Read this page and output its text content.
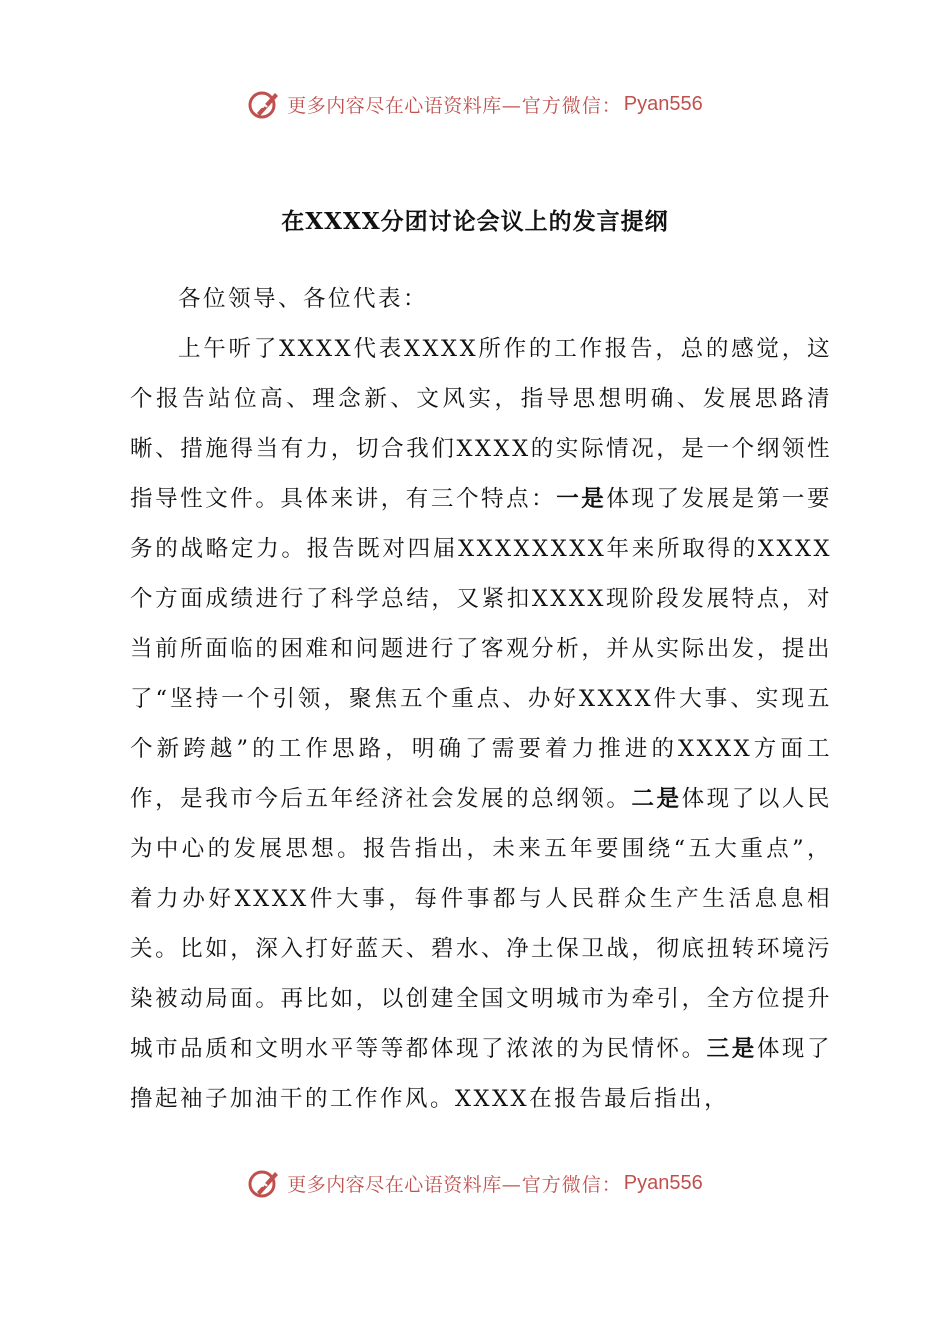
更多内容尽在心语资料库 —官方微信： Pyan556
在XXXX分团讨论会议上的发言提纲
各位领导、各位代表：

上午听了XXXX代表XXXX所作的工作报告，总的感觉，这个报告站位高、理念新、文风实，指导思想明确、发展思路清晰、措施得当有力，切合我们XXXX的实际情况，是一个纲领性指导性文件。具体来讲，有三个特点：一是体现了发展是第一要务的战略定力。报告既对四届XXXXXXXX年来所取得的XXXX个方面成绩进行了科学总结，又紧扣XXXX现阶段发展特点，对当前所面临的困难和问题进行了客观分析，并从实际出发，提出了“坚持一个引领，聚焦五个重点、办好XXXX件大事、实现五个新跨越”的工作思路，明确了需要着力推进的XXXX方面工作，是我市今后五年经济社会发展的总纲领。二是体现了以人民为中心的发展思想。报告指出，未来五年要围绕“五大重点”，着力办好XXXX件大事，每件事都与人民群众生产生活息息相关。比如，深入打好蓝天、碧水、净土保卫战，彻底扭转环境污染被动局面。再比如，以创建全国文明城市为牵引，全方位提升城市品质和文明水平等等都体现了浓浓的为民情怀。三是体现了撸起袖子加油干的工作作风。XXXX在报告最后指出，

更多内容尽在心语资料库 —官方微信： Pyan556
